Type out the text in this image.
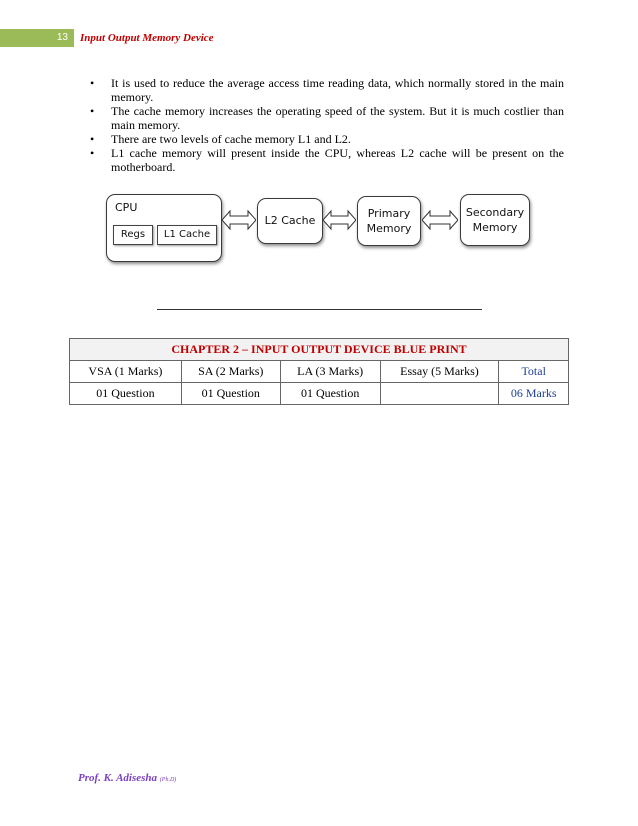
13	Input Output Memory Device
• It is used to reduce the average access time reading data, which normally stored in the main memory.
• The cache memory increases the operating speed of the system. But it is much costlier than main memory.
• There are two levels of cache memory L1 and L2.
• L1 cache memory will present inside the CPU, whereas L2 cache will be present on the motherboard.
CPU
Regs	L1 Cache
L2 Cache
Primary
Memory
Secondary
Memory
CHAPTER 2 – INPUT OUTPUT DEVICE BLUE PRINT				
VSA (1 Marks)	SA (2 Marks)	LA (3 Marks)	Essay (5 Marks)	Total
01 Question	01 Question	01 Question		06 Marks
Prof. K. Adisesha (Ph.D)
